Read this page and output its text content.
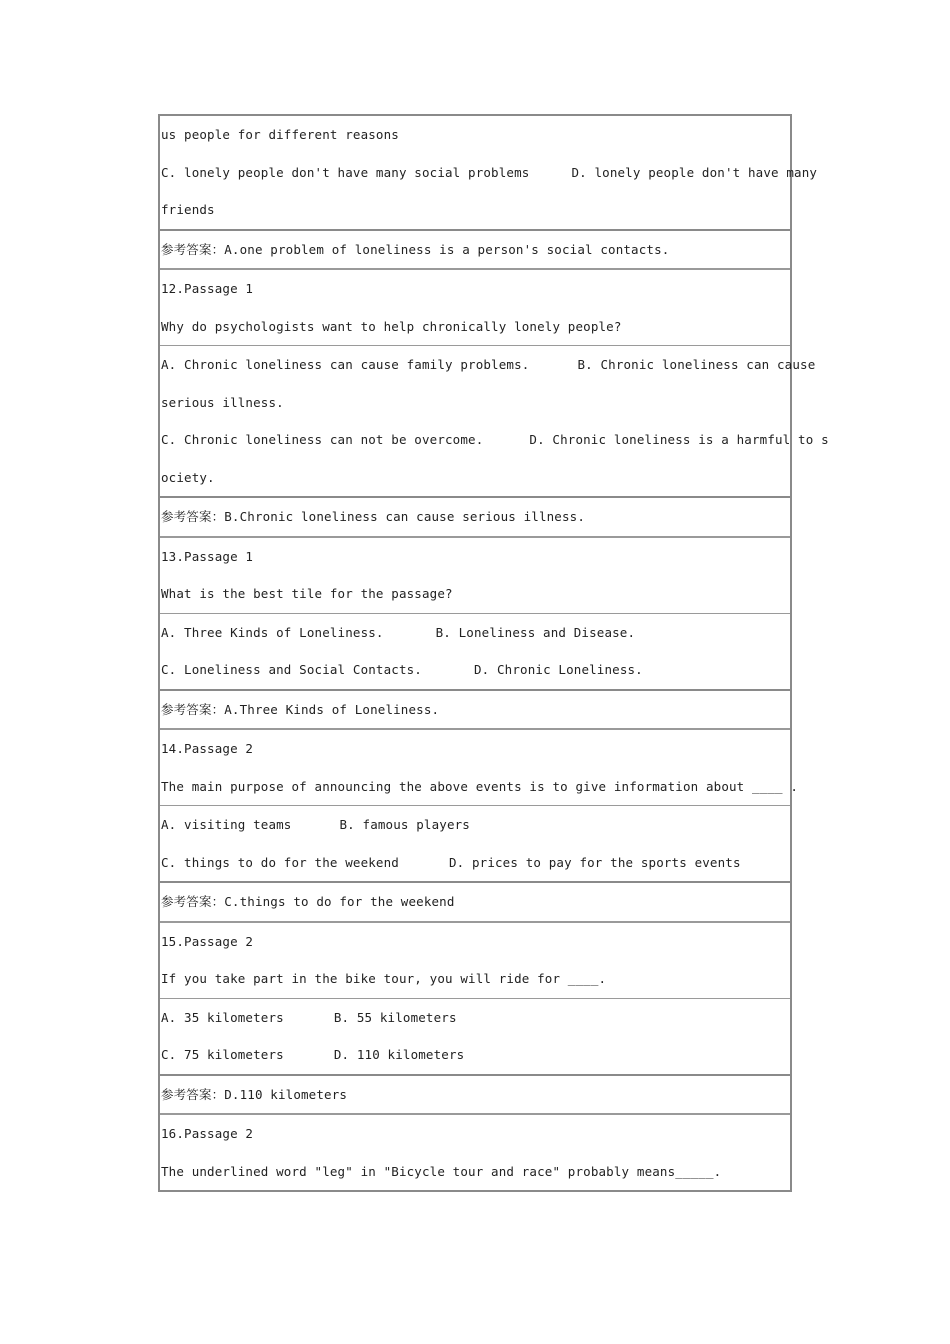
us people for different reasons
C. lonely people don't have many social problems	D. lonely people don't have many
friends
参考答案：A.one problem of loneliness is a person's social contacts.
12.Passage 1
Why do psychologists want to help chronically lonely people?
A. Chronic loneliness can cause family problems.	B. Chronic loneliness can cause
serious illness.
C. Chronic loneliness can not be overcome.	D. Chronic loneliness is a harmful to s
ociety.
参考答案：B.Chronic loneliness can cause serious illness.
13.Passage 1
What is the best tile for the passage?
A. Three Kinds of Loneliness.	B. Loneliness and Disease.
C. Loneliness and Social Contacts.	D. Chronic Loneliness.
参考答案：A.Three Kinds of Loneliness.
14.Passage 2
The main purpose of announcing the above events is to give information about ____ .
A. visiting teams	B. famous players
C. things to do for the weekend	D. prices to pay for the sports events
参考答案：C.things to do for the weekend
15.Passage 2
If you take part in the bike tour, you will ride for ____.
A. 35 kilometers	B. 55 kilometers
C. 75 kilometers	D. 110 kilometers
参考答案：D.110 kilometers
16.Passage 2
The underlined word "leg" in "Bicycle tour and race" probably means_____.
